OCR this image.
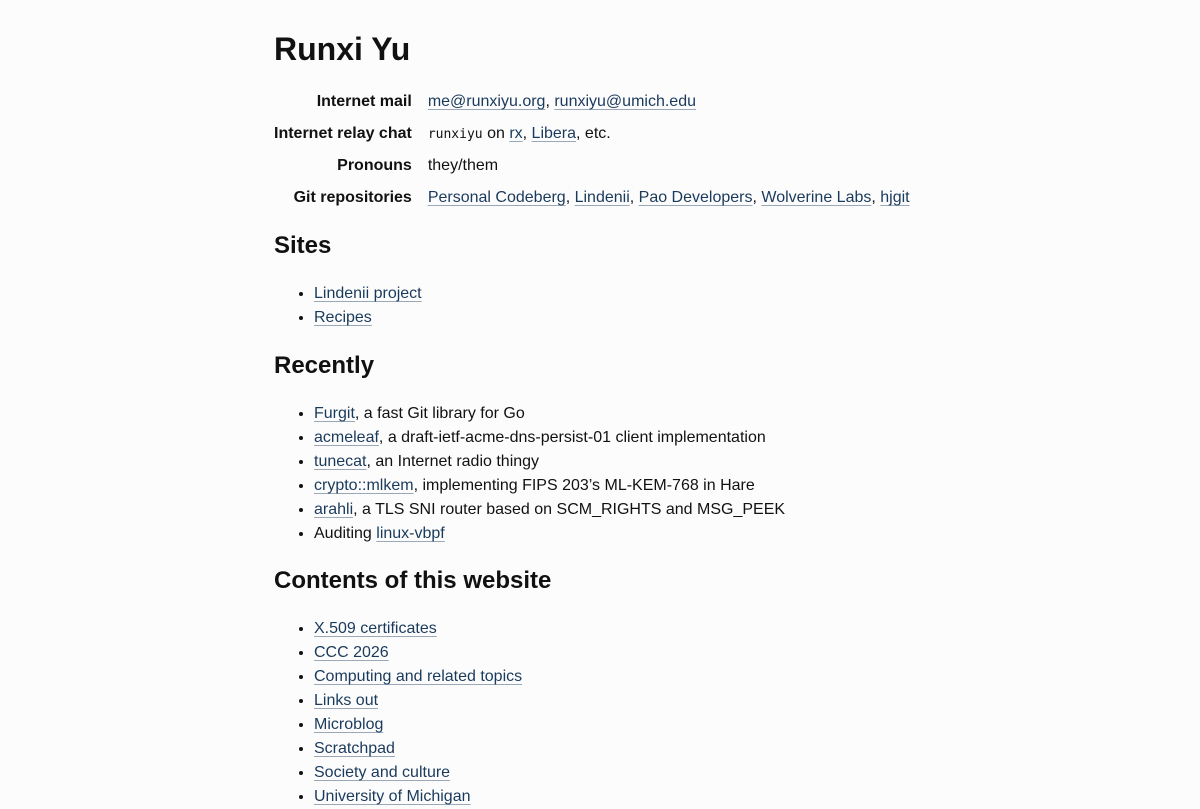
Runxi Yu
Internet mail	me@runxiyu.org, runxiyu@umich.edu
Internet relay chat	runxiyu on rx, Libera, etc.
Pronouns	they/them
Git repositories	Personal Codeberg, Lindenii, Pao Developers, Wolverine Labs, hjgit
Sites
• Lindenii project
• Recipes
Recently
• Furgit, a fast Git library for Go
• acmeleaf, a draft-ietf-acme-dns-persist-01 client implementation
• tunecat, an Internet radio thingy
• crypto::mlkem, implementing FIPS 203’s ML-KEM-768 in Hare
• arahli, a TLS SNI router based on SCM_RIGHTS and MSG_PEEK
• Auditing linux-vbpf
Contents of this website
• X.509 certificates
• CCC 2026
• Computing and related topics
• Links out
• Microblog
• Scratchpad
• Society and culture
• University of Michigan
